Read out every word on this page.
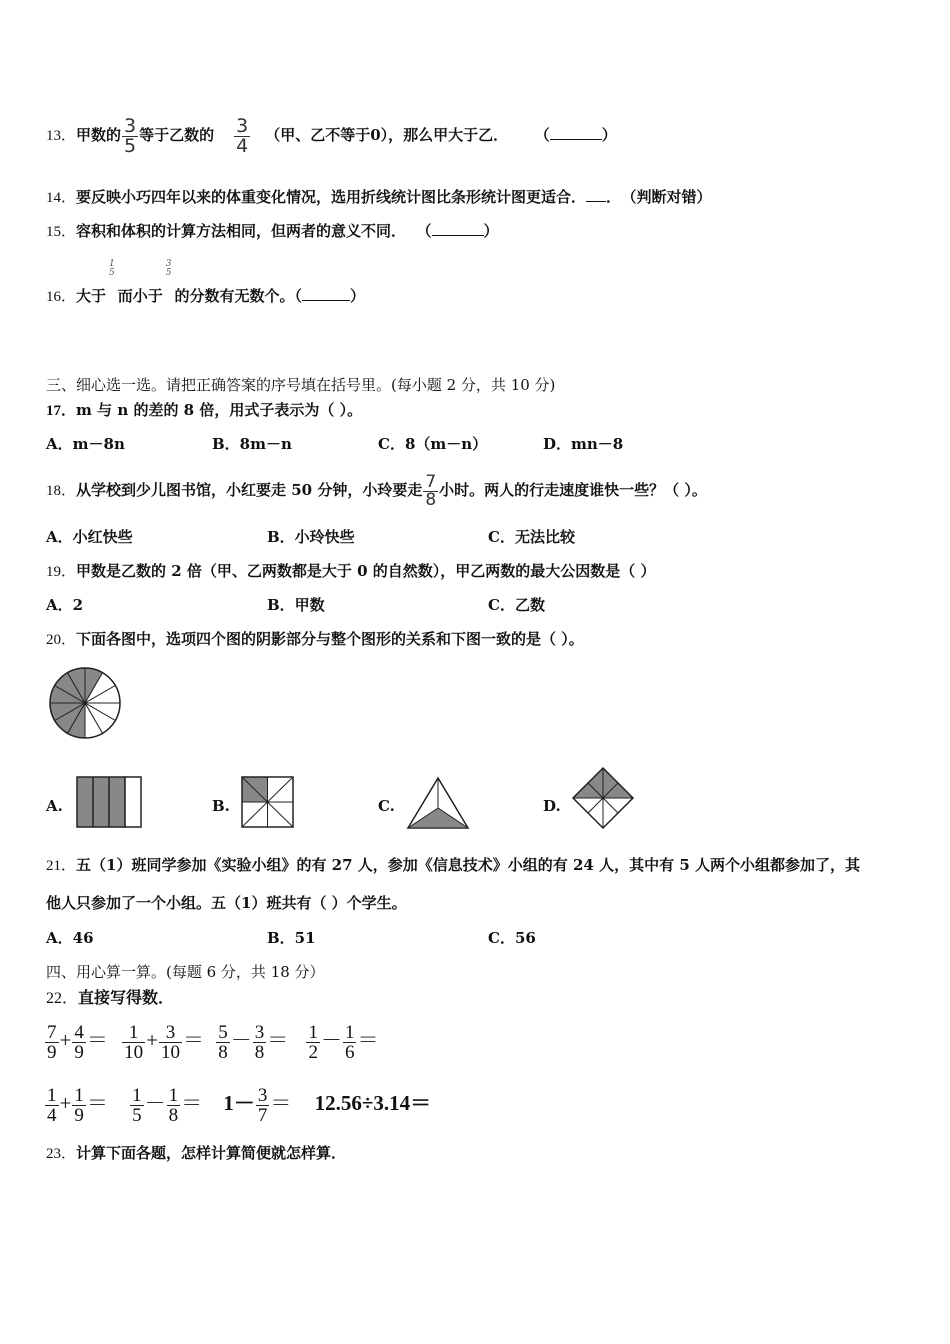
13．甲数的 $\frac{3}{5}$ 等于乙数的 $\frac{3}{4}$ （甲、乙不等于0），那么甲大于乙． （	）
14．要反映小巧四年以来的体重变化情况，选用折线统计图比条形统计图更适合． ． （判断对错）
15．容积和体积的计算方法相同，但两者的意义不同． （	）
16．大于
1
5
而小于
3
5
的分数有无数个。（	）
三、细心选一选。请把正确答案的序号填在括号里。(每小题 2 分，共 10 分)
17．m 与 n 的差的 8 倍，用式子表示为（ ）。
A．m－8n	B．8m－n	C．8（m－n）	D．mn－8
18．从学校到少儿图书馆，小红要走 50 分钟，小玲要走 $\frac{7}{8}$ 小时。两人的行走速度谁快一些？（ ）。
A．小红快些	B．小玲快些	C．无法比较
19．甲数是乙数的 2 倍（甲、乙两数都是大于 0 的自然数），甲乙两数的最大公因数是（ ）
A．2	B．甲数	C．乙数
20．下面各图中，选项四个图的阴影部分与整个图形的关系和下图一致的是（ ）。
A.	B.	C.	D.
21．五（1）班同学参加《实验小组》的有 27 人，参加《信息技术》小组的有 24 人，其中有 5 人两个小组都参加了，其
他人只参加了一个小组。五（1）班共有（ ）个学生。
A．46	B．51	C．56
四、用心算一算。(每题 6 分，共 18 分）
22．直接写得数．
$\frac{7}{9} + \frac{4}{9} = \frac{1}{10} + \frac{3}{10} = \frac{5}{8} - \frac{3}{8} = \frac{1}{2} - \frac{1}{6}$ ＝
$\frac{1}{4} + \frac{1}{9} = \frac{1}{5} - \frac{1}{8} = 1- \frac{3}{7} = 12.56\div 3.14=$
23．计算下面各题，怎样计算简便就怎样算．
